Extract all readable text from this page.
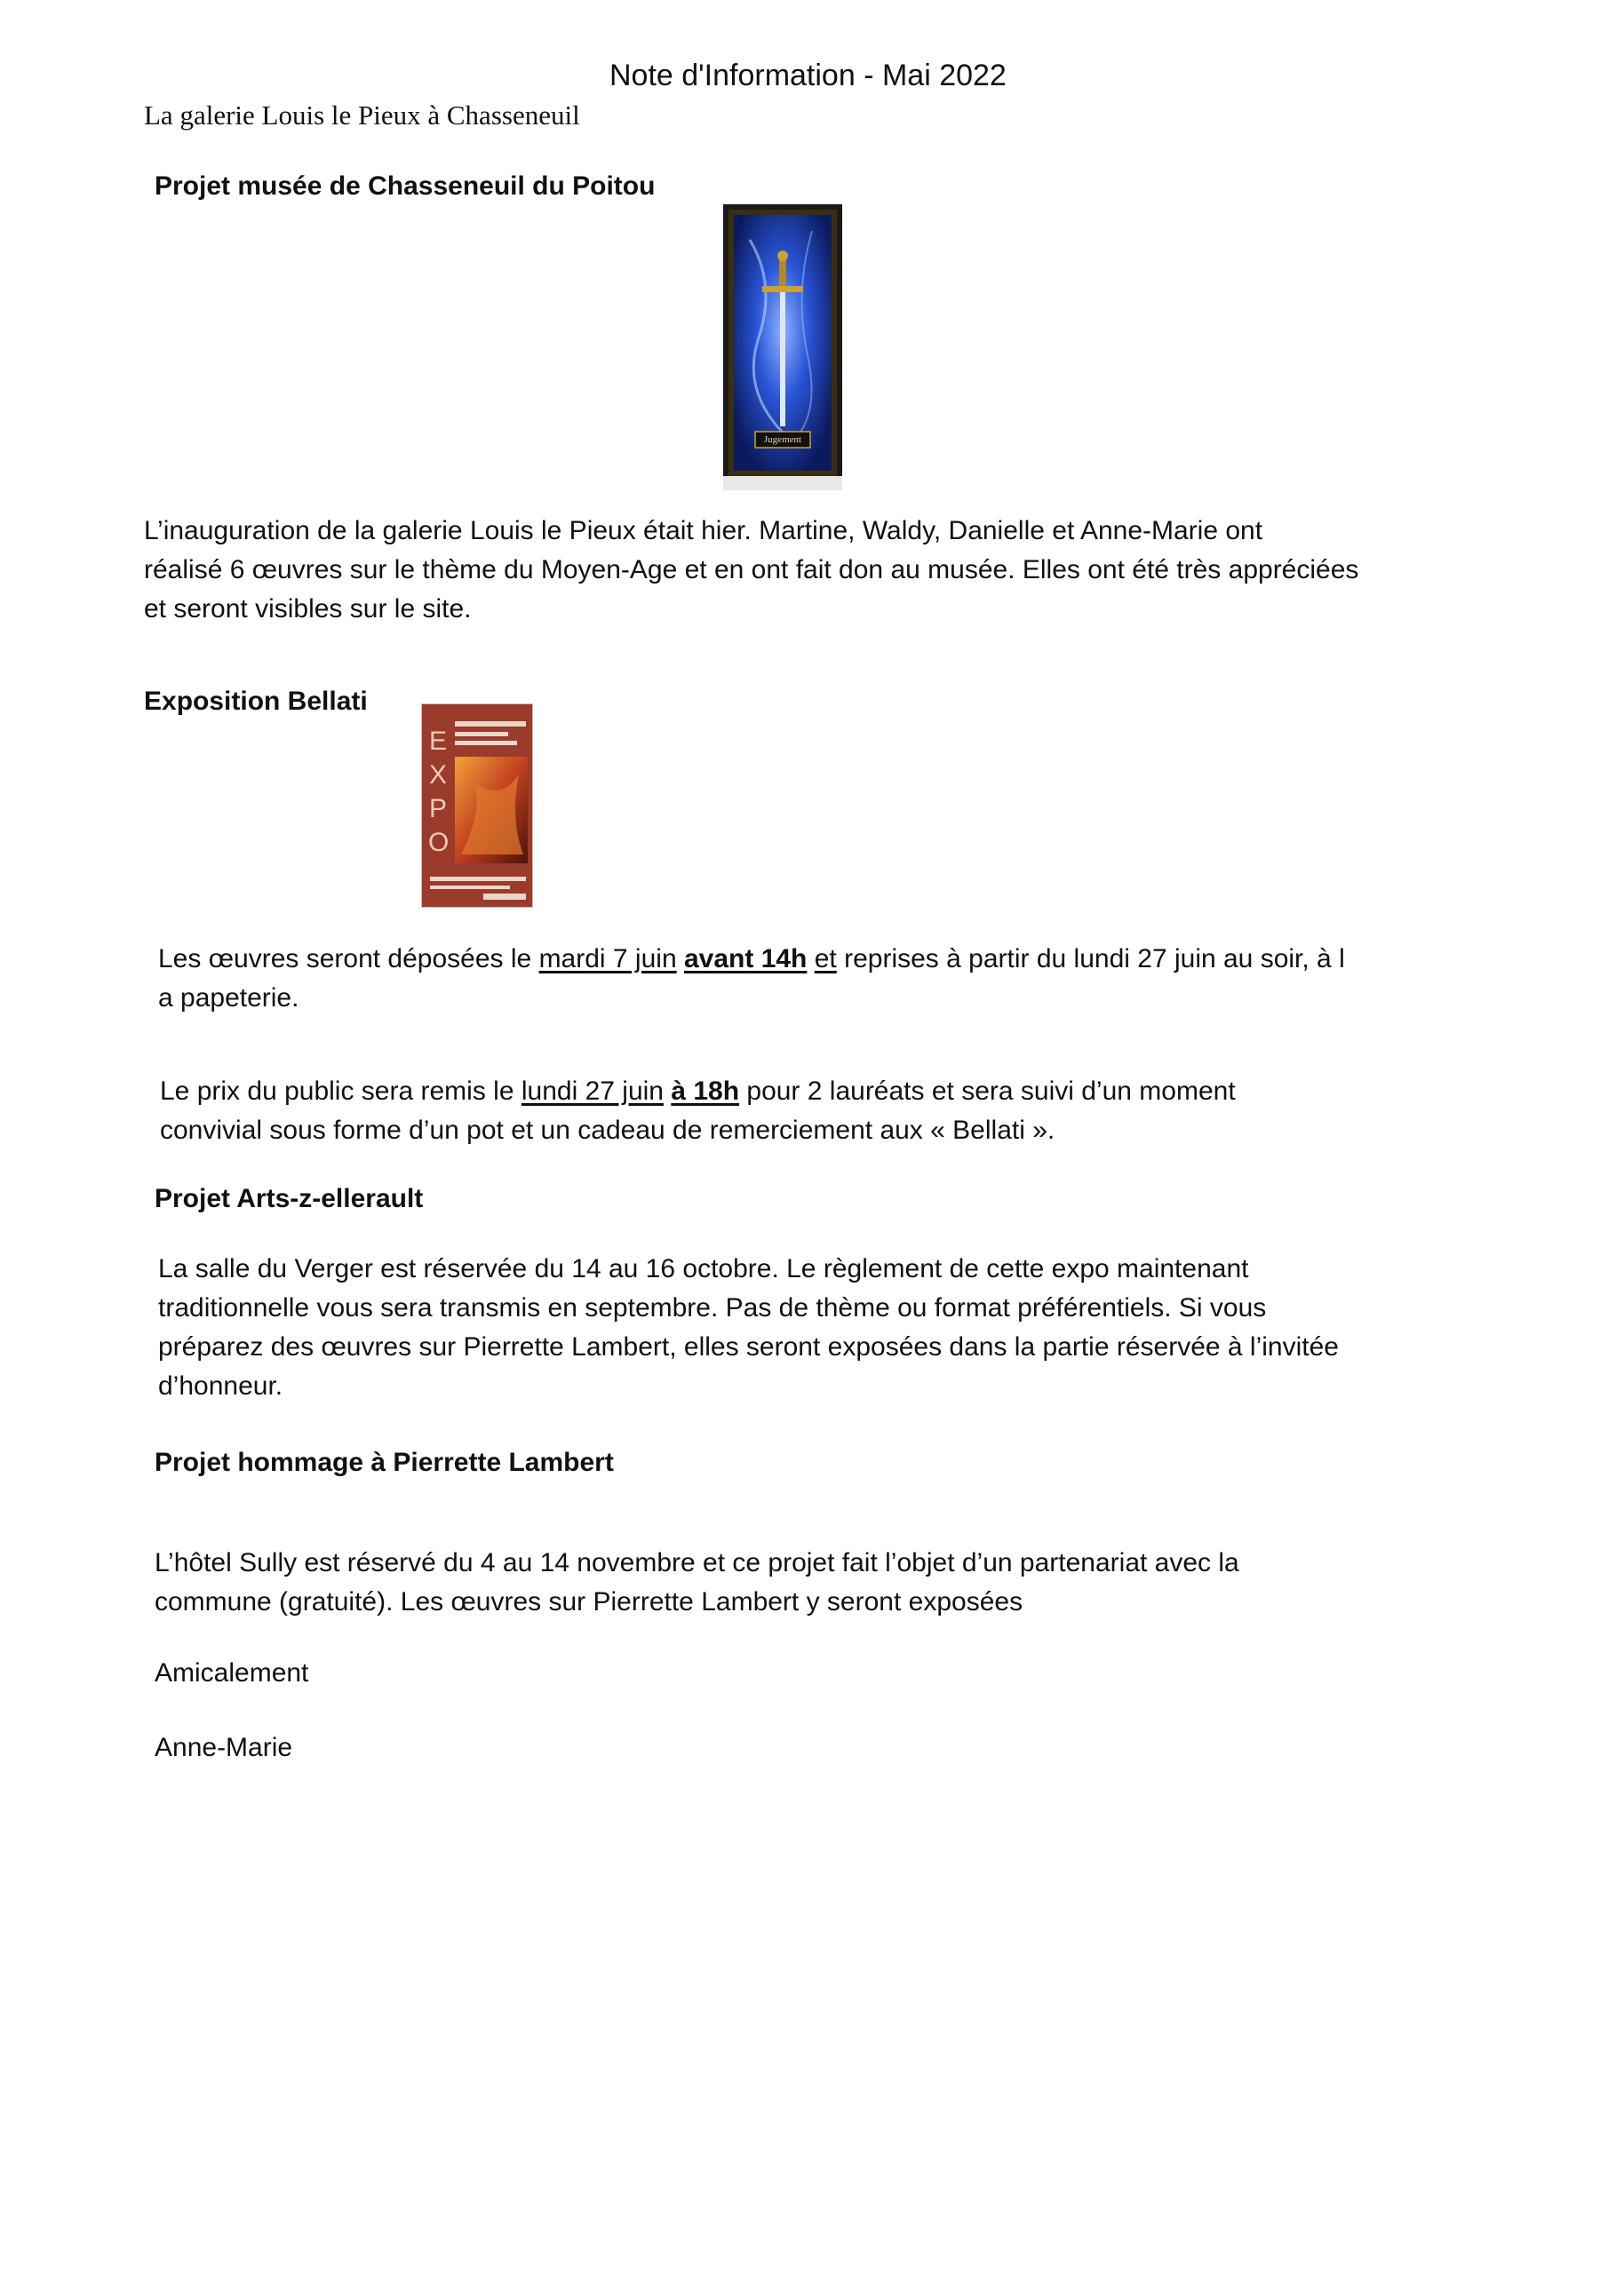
Note d'Information - Mai 2022
La galerie Louis le Pieux à Chasseneuil
Projet musée de Chasseneuil du Poitou
Jugement

L’inauguration de la galerie Louis le Pieux était hier. Martine, Waldy, Danielle et Anne-Marie ont

réalisé 6 œuvres sur le thème du Moyen-Age et en ont fait don au musée. Elles ont été très appréciées

et seront visibles sur le site.

Exposition Bellati
E
X
P
O

Les œuvres seront déposées le mardi 7 juin avant 14h et reprises à partir du lundi 27 juin au soir, à l

a papeterie.

Le prix du public sera remis le lundi 27 juin à 18h pour 2 lauréats et sera suivi d’un moment

convivial sous forme d’un pot et un cadeau de remerciement aux « Bellati ».

Projet Arts-z-ellerault

La salle du Verger est réservée du 14 au 16 octobre. Le règlement de cette expo maintenant

traditionnelle vous sera transmis en septembre. Pas de thème ou format préférentiels. Si vous

préparez des œuvres sur Pierrette Lambert, elles seront exposées dans la partie réservée à l’invitée

d’honneur.

Projet hommage à Pierrette Lambert

L’hôtel Sully est réservé du 4 au 14 novembre et ce projet fait l’objet d’un partenariat avec la

commune (gratuité). Les œuvres sur Pierrette Lambert y seront exposées

Amicalement
Anne-Marie
